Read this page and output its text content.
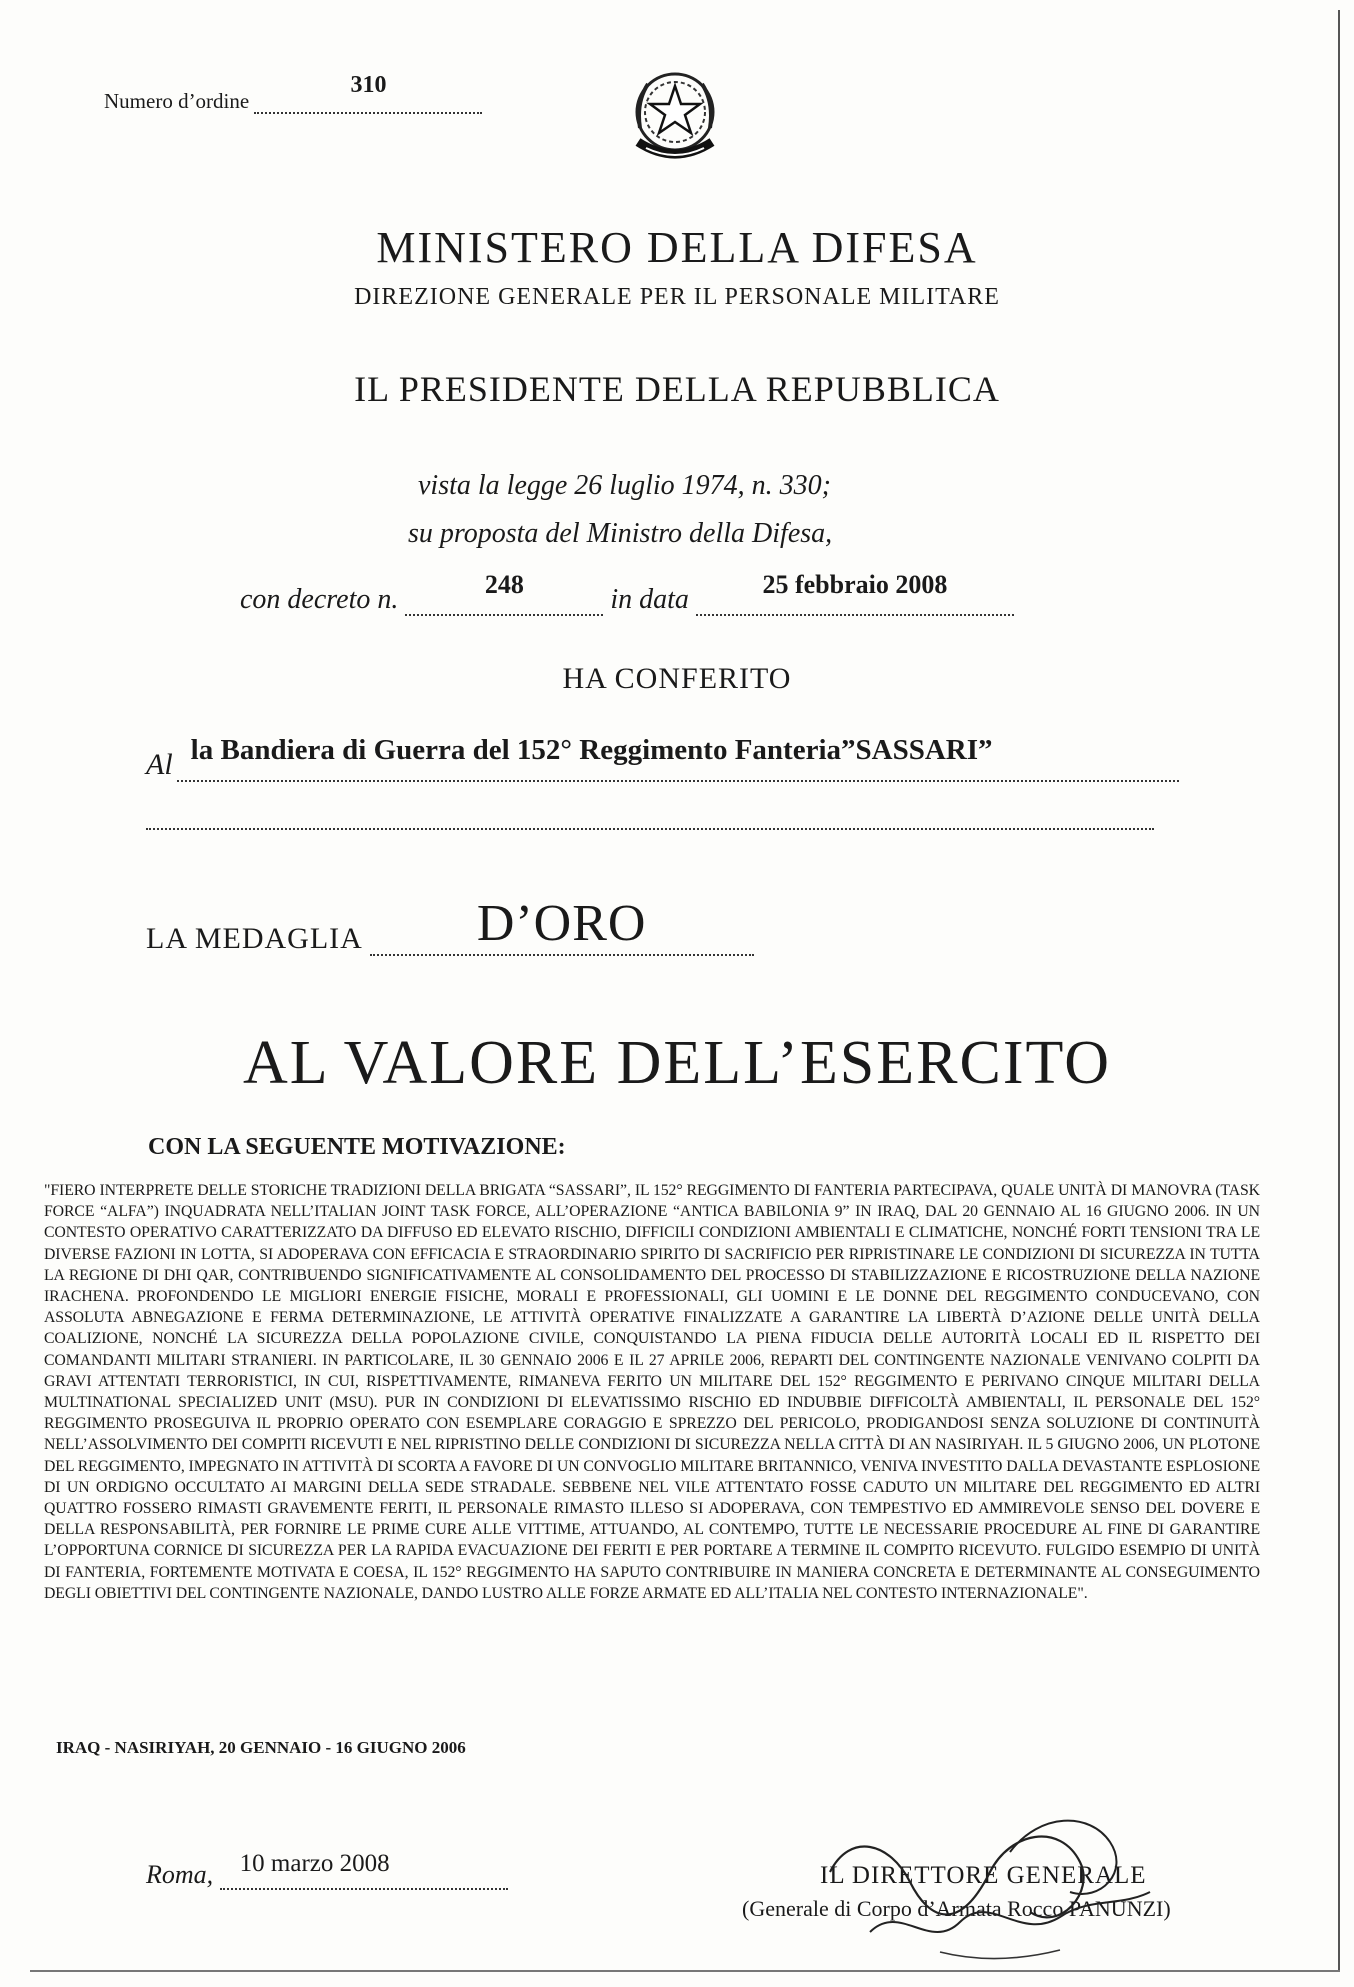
Numero d’ordine
310
MINISTERO DELLA DIFESA
DIREZIONE GENERALE PER IL PERSONALE MILITARE
IL PRESIDENTE DELLA REPUBBLICA
vista la legge 26 luglio 1974, n. 330;
su proposta del Ministro della Difesa,
con decreto n.	248	in data	25 febbraio 2008
HA CONFERITO
Al la Bandiera di Guerra del 152° Reggimento Fanteria”SASSARI”
LA MEDAGLIA	D’ORO
AL VALORE DELL’ESERCITO
CON LA SEGUENTE MOTIVAZIONE:
"FIERO INTERPRETE DELLE STORICHE TRADIZIONI DELLA BRIGATA “SASSARI”, IL 152° REGGIMENTO DI FANTERIA PARTECIPAVA, QUALE UNITÀ DI MANOVRA (TASK FORCE “ALFA”) INQUADRATA NELL’ITALIAN JOINT TASK FORCE, ALL’OPERAZIONE “ANTICA BABILONIA 9” IN IRAQ, DAL 20 GENNAIO AL 16 GIUGNO 2006. IN UN CONTESTO OPERATIVO CARATTERIZZATO DA DIFFUSO ED ELEVATO RISCHIO, DIFFICILI CONDIZIONI AMBIENTALI E CLIMATICHE, NONCHÉ FORTI TENSIONI TRA LE DIVERSE FAZIONI IN LOTTA, SI ADOPERAVA CON EFFICACIA E STRAORDINARIO SPIRITO DI SACRIFICIO PER RIPRISTINARE LE CONDIZIONI DI SICUREZZA IN TUTTA LA REGIONE DI DHI QAR, CONTRIBUENDO SIGNIFICATIVAMENTE AL CONSOLIDAMENTO DEL PROCESSO DI STABILIZZAZIONE E RICOSTRUZIONE DELLA NAZIONE IRACHENA. PROFONDENDO LE MIGLIORI ENERGIE FISICHE, MORALI E PROFESSIONALI, GLI UOMINI E LE DONNE DEL REGGIMENTO CONDUCEVANO, CON ASSOLUTA ABNEGAZIONE E FERMA DETERMINAZIONE, LE ATTIVITÀ OPERATIVE FINALIZZATE A GARANTIRE LA LIBERTÀ D’AZIONE DELLE UNITÀ DELLA COALIZIONE, NONCHÉ LA SICUREZZA DELLA POPOLAZIONE CIVILE, CONQUISTANDO LA PIENA FIDUCIA DELLE AUTORITÀ LOCALI ED IL RISPETTO DEI COMANDANTI MILITARI STRANIERI. IN PARTICOLARE, IL 30 GENNAIO 2006 E IL 27 APRILE 2006, REPARTI DEL CONTINGENTE NAZIONALE VENIVANO COLPITI DA GRAVI ATTENTATI TERRORISTICI, IN CUI, RISPETTIVAMENTE, RIMANEVA FERITO UN MILITARE DEL 152° REGGIMENTO E PERIVANO CINQUE MILITARI DELLA MULTINATIONAL SPECIALIZED UNIT (MSU). PUR IN CONDIZIONI DI ELEVATISSIMO RISCHIO ED INDUBBIE DIFFICOLTÀ AMBIENTALI, IL PERSONALE DEL 152° REGGIMENTO PROSEGUIVA IL PROPRIO OPERATO CON ESEMPLARE CORAGGIO E SPREZZO DEL PERICOLO, PRODIGANDOSI SENZA SOLUZIONE DI CONTINUITÀ NELL’ASSOLVIMENTO DEI COMPITI RICEVUTI E NEL RIPRISTINO DELLE CONDIZIONI DI SICUREZZA NELLA CITTÀ DI AN NASIRIYAH. IL 5 GIUGNO 2006, UN PLOTONE DEL REGGIMENTO, IMPEGNATO IN ATTIVITÀ DI SCORTA A FAVORE DI UN CONVOGLIO MILITARE BRITANNICO, VENIVA INVESTITO DALLA DEVASTANTE ESPLOSIONE DI UN ORDIGNO OCCULTATO AI MARGINI DELLA SEDE STRADALE. SEBBENE NEL VILE ATTENTATO FOSSE CADUTO UN MILITARE DEL REGGIMENTO ED ALTRI QUATTRO FOSSERO RIMASTI GRAVEMENTE FERITI, IL PERSONALE RIMASTO ILLESO SI ADOPERAVA, CON TEMPESTIVO ED AMMIREVOLE SENSO DEL DOVERE E DELLA RESPONSABILITÀ, PER FORNIRE LE PRIME CURE ALLE VITTIME, ATTUANDO, AL CONTEMPO, TUTTE LE NECESSARIE PROCEDURE AL FINE DI GARANTIRE L’OPPORTUNA CORNICE DI SICUREZZA PER LA RAPIDA EVACUAZIONE DEI FERITI E PER PORTARE A TERMINE IL COMPITO RICEVUTO. FULGIDO ESEMPIO DI UNITÀ DI FANTERIA, FORTEMENTE MOTIVATA E COESA, IL 152° REGGIMENTO HA SAPUTO CONTRIBUIRE IN MANIERA CONCRETA E DETERMINANTE AL CONSEGUIMENTO DEGLI OBIETTIVI DEL CONTINGENTE NAZIONALE, DANDO LUSTRO ALLE FORZE ARMATE ED ALL’ITALIA NEL CONTESTO INTERNAZIONALE".
IRAQ - NASIRIYAH, 20 GENNAIO - 16 GIUGNO 2006
Roma, 10 marzo 2008	IL DIRETTORE GENERALE
(Generale di Corpo d’Armata Rocco PANUNZI)
